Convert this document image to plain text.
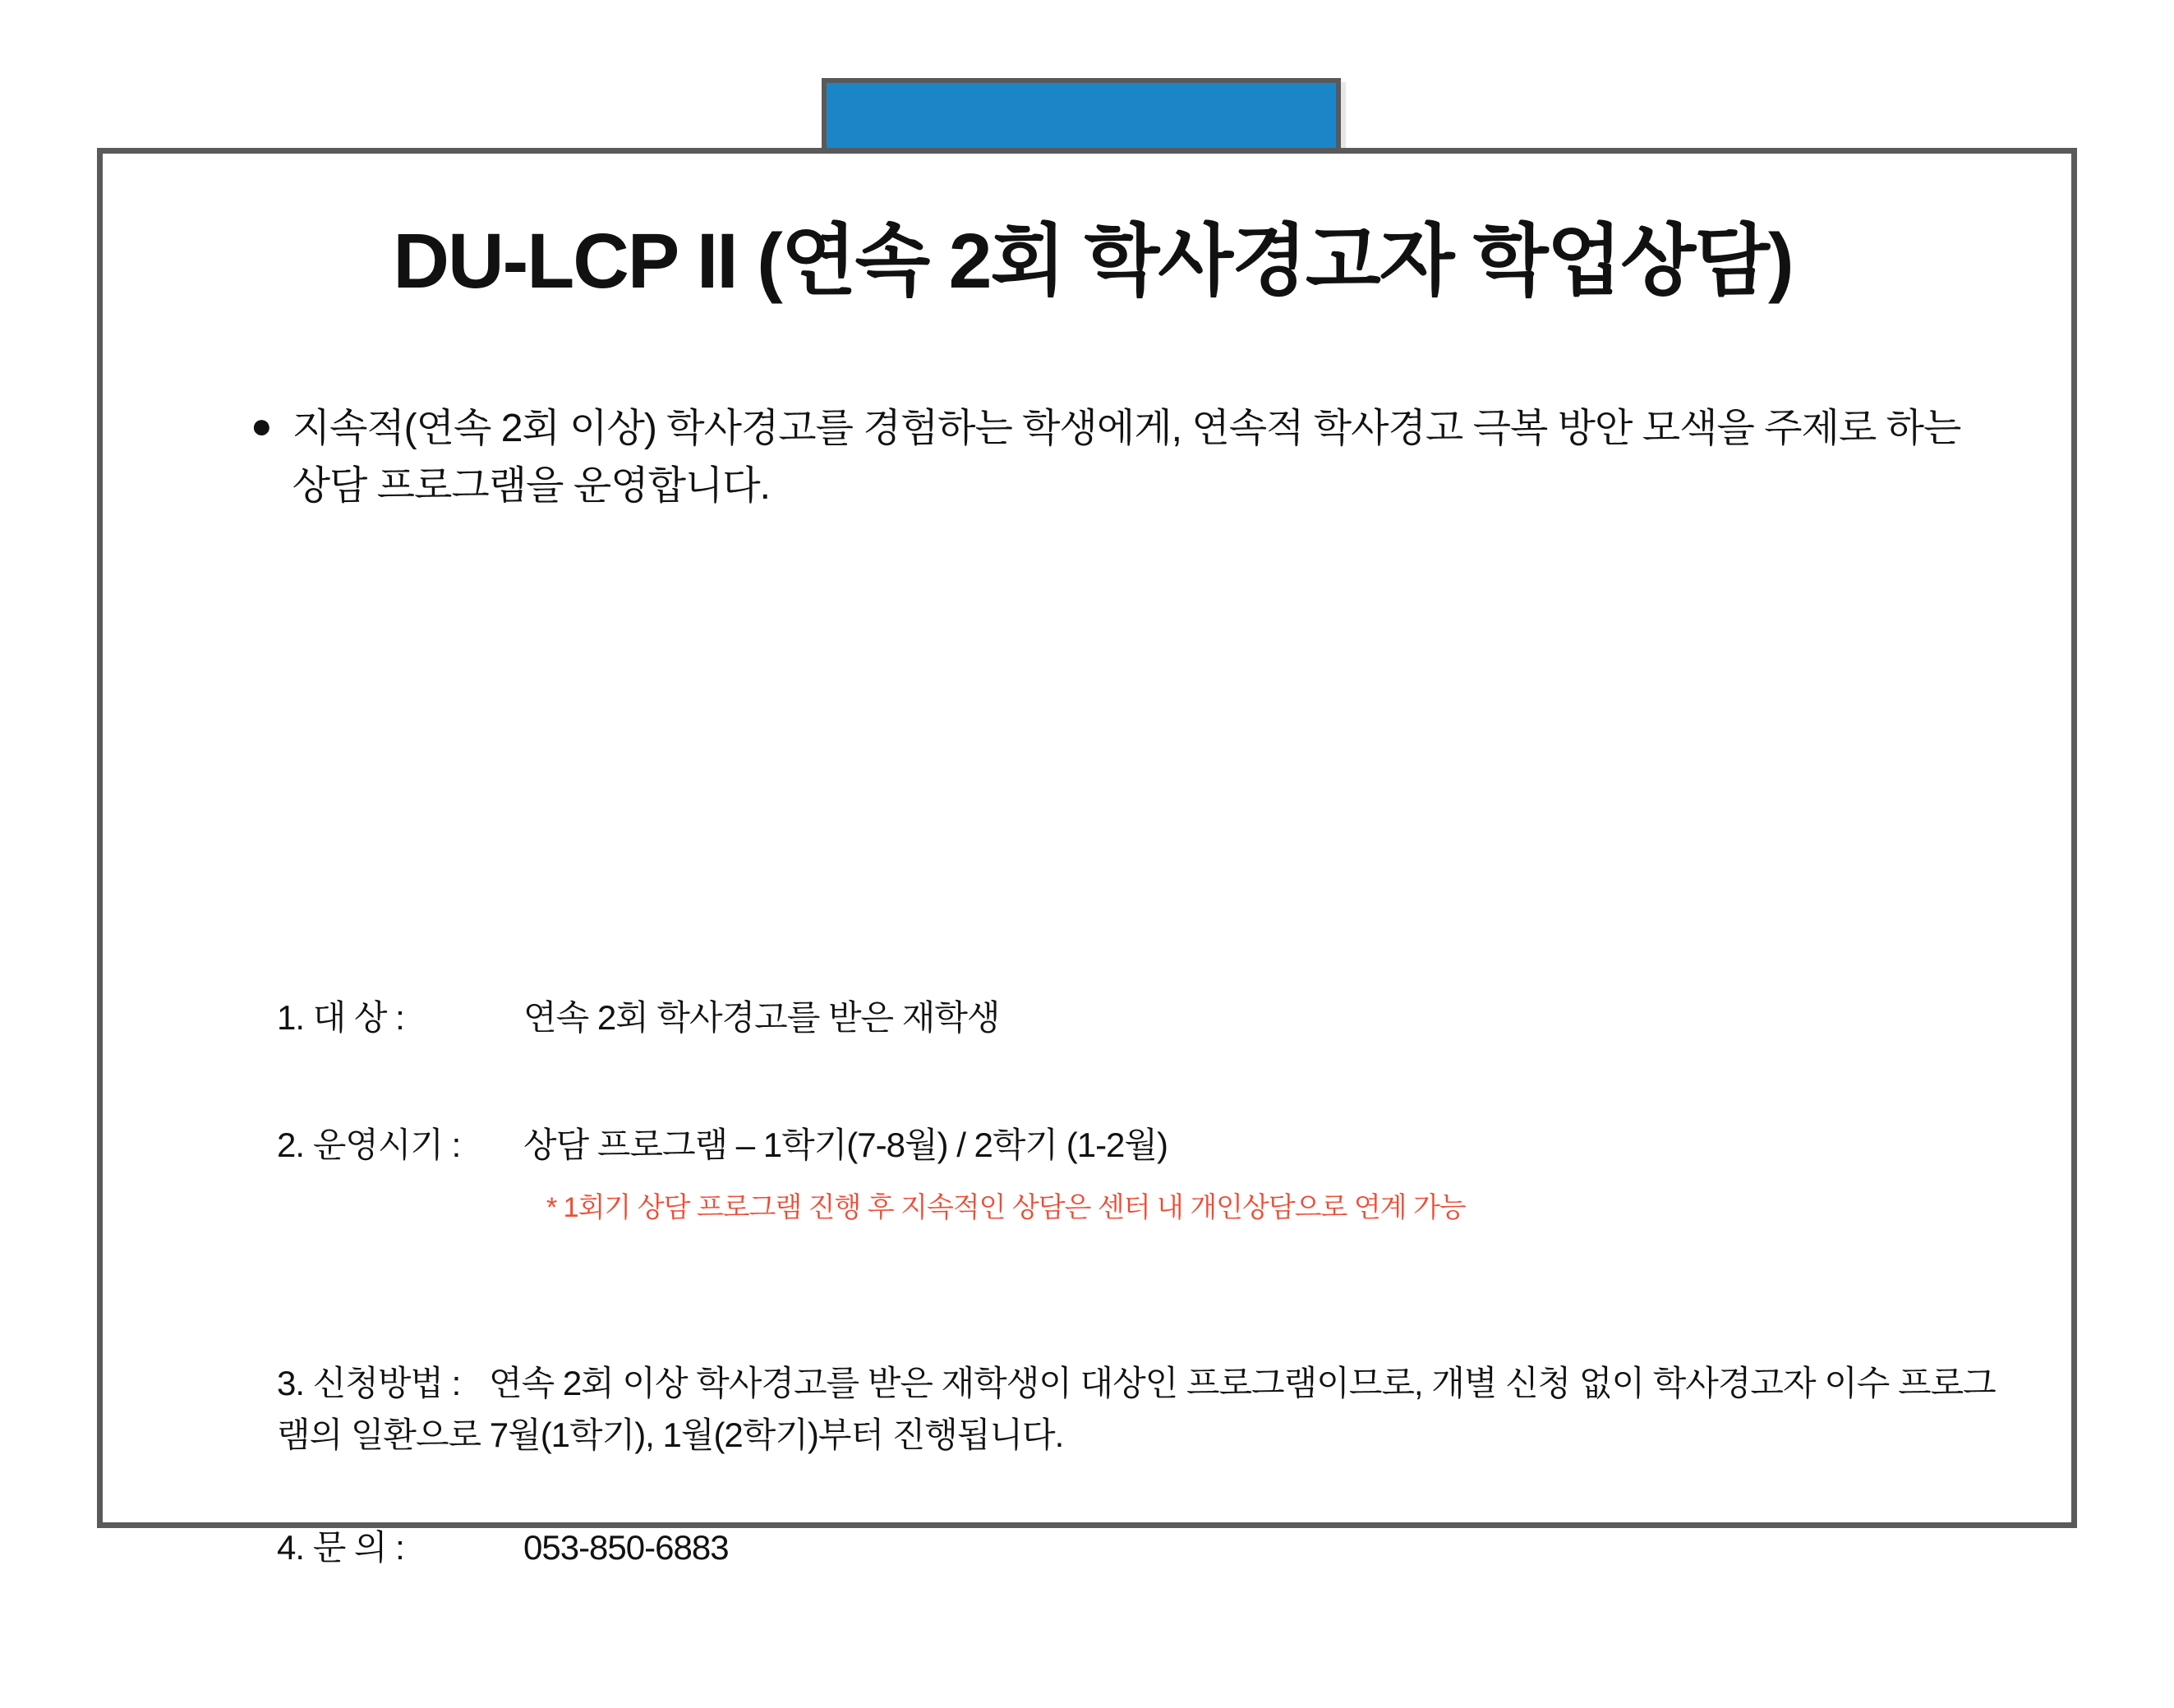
DU-LCP II (연속 2회 학사경고자 학업상담)
● 지속적(연속 2회 이상) 학사경고를 경험하는 학생에게, 연속적 학사경고 극복 방안 모색을 주제로 하는 상담 프로그램을 운영합니다.
1. 대 상 :	연속 2회 학사경고를 받은 재학생
2. 운영시기 :	상담 프로그램 – 1학기(7-8월) / 2학기 (1-2월)
* 1회기 상담 프로그램 진행 후 지속적인 상담은 센터 내 개인상담으로 연계 가능
3. 신청방법 : 연속 2회 이상 학사경고를 받은 재학생이 대상인 프로그램이므로, 개별 신청 없이 학사경고자 이수 프로그램의 일환으로 7월(1학기), 1월(2학기)부터 진행됩니다.
4. 문 의 :	053-850-6883
